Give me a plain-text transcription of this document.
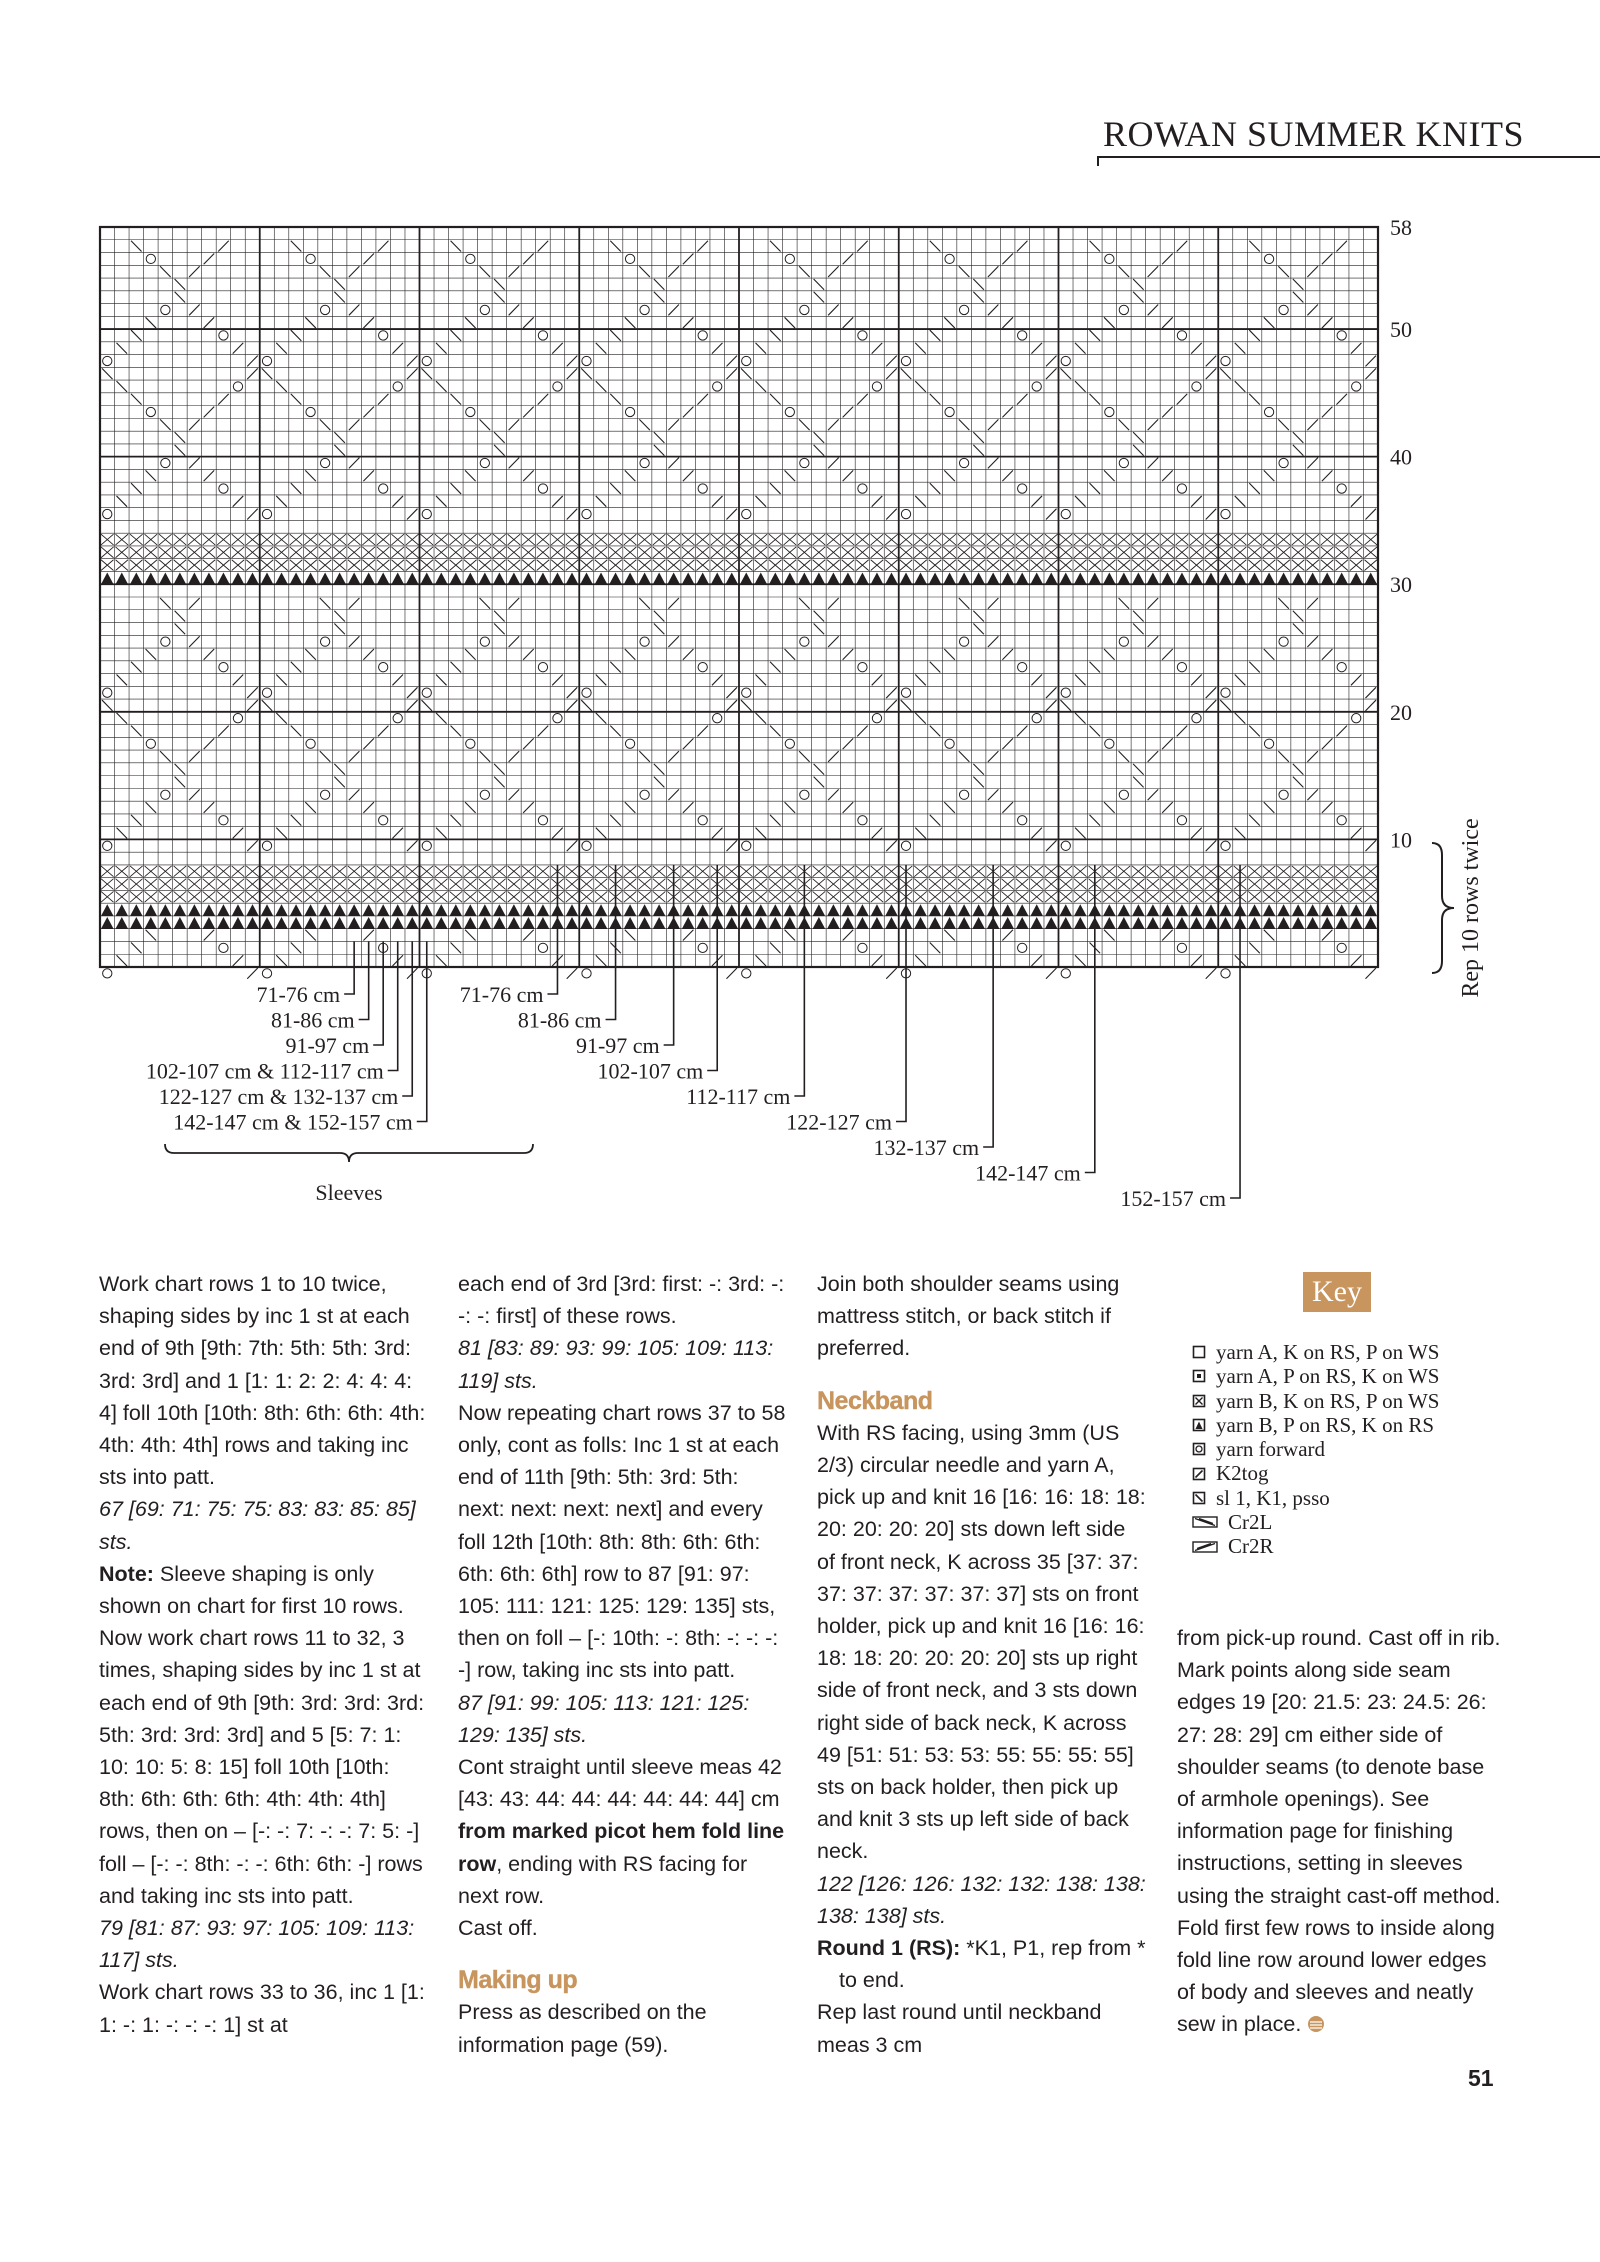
ROWAN SUMMER KNITS
58
50
40
30
20
10
71-76 cm
81-86 cm
91-97 cm
102-107 cm & 112-117 cm
122-127 cm & 132-137 cm
142-147 cm & 152-157 cm
71-76 cm
81-86 cm
91-97 cm
102-107 cm
112-117 cm
122-127 cm
132-137 cm
142-147 cm
152-157 cm
Sleeves
Rep 10 rows twice

Work chart rows 1 to 10 twice, shaping sides by inc 1 st at each end of 9th [9th: 7th: 5th: 5th: 3rd: 3rd: 3rd] and 1 [1: 1: 2: 2: 4: 4: 4: 4] foll 10th [10th: 8th: 6th: 6th: 4th: 4th: 4th: 4th] rows and taking inc sts into patt.

67 [69: 71: 75: 75: 83: 83: 85: 85] sts.

Note: Sleeve shaping is only shown on chart for first 10 rows.

Now work chart rows 11 to 32, 3 times, shaping sides by inc 1 st at each end of 9th [9th: 3rd: 3rd: 3rd: 5th: 3rd: 3rd: 3rd] and 5 [5: 7: 1: 10: 10: 5: 8: 15] foll 10th [10th: 8th: 6th: 6th: 6th: 4th: 4th: 4th] rows, then on – [-: -: 7: -: -: 7: 5: -] foll – [-: -: 8th: -: -: 6th: 6th: -] rows and taking inc sts into patt.

79 [81: 87: 93: 97: 105: 109: 113: 117] sts.

Work chart rows 33 to 36, inc 1 [1: 1: -: 1: -: -: -: 1] st at

each end of 3rd [3rd: first: -: 3rd: -: -: -: first] of these rows.

81 [83: 89: 93: 99: 105: 109: 113: 119] sts.

Now repeating chart rows 37 to 58 only, cont as folls: Inc 1 st at each end of 11th [9th: 5th: 3rd: 5th: next: next: next: next] and every foll 12th [10th: 8th: 8th: 6th: 6th: 6th: 6th: 6th] row to 87 [91: 97: 105: 111: 121: 125: 129: 135] sts, then on foll – [-: 10th: -: 8th: -: -: -: -] row, taking inc sts into patt.

87 [91: 99: 105: 113: 121: 125: 129: 135] sts.

Cont straight until sleeve meas 42 [43: 43: 44: 44: 44: 44: 44: 44] cm from marked picot hem fold line row, ending with RS facing for next row.

Cast off.

Making up

Press as described on the information page (59).

Join both shoulder seams using mattress stitch, or back stitch if preferred.

Neckband

With RS facing, using 3mm (US 2/3) circular needle and yarn A, pick up and knit 16 [16: 16: 18: 18: 20: 20: 20: 20] sts down left side of front neck, K across 35 [37: 37: 37: 37: 37: 37: 37: 37] sts on front holder, pick up and knit 16 [16: 16: 18: 18: 20: 20: 20: 20] sts up right side of front neck, and 3 sts down right side of back neck, K across 49 [51: 51: 53: 53: 55: 55: 55: 55] sts on back holder, then pick up and knit 3 sts up left side of back neck.

122 [126: 126: 132: 132: 138: 138: 138: 138] sts.

Round 1 (RS): *K1, P1, rep from * to end.

Rep last round until neckband meas 3 cm

Key
yarn A, K on RS, P on WS
yarn A, P on RS, K on WS
yarn B, K on RS, P on WS
yarn B, P on RS, K on RS
yarn forward
K2tog
sl 1, K1, psso
Cr2L
Cr2R

from pick-up round. Cast off in rib. Mark points along side seam edges 19 [20: 21.5: 23: 24.5: 26: 27: 28: 29] cm either side of shoulder seams (to denote base of armhole openings). See information page for finishing instructions, setting in sleeves using the straight cast-off method. Fold first few rows to inside along fold line row around lower edges of body and sleeves and neatly sew in place.

51
